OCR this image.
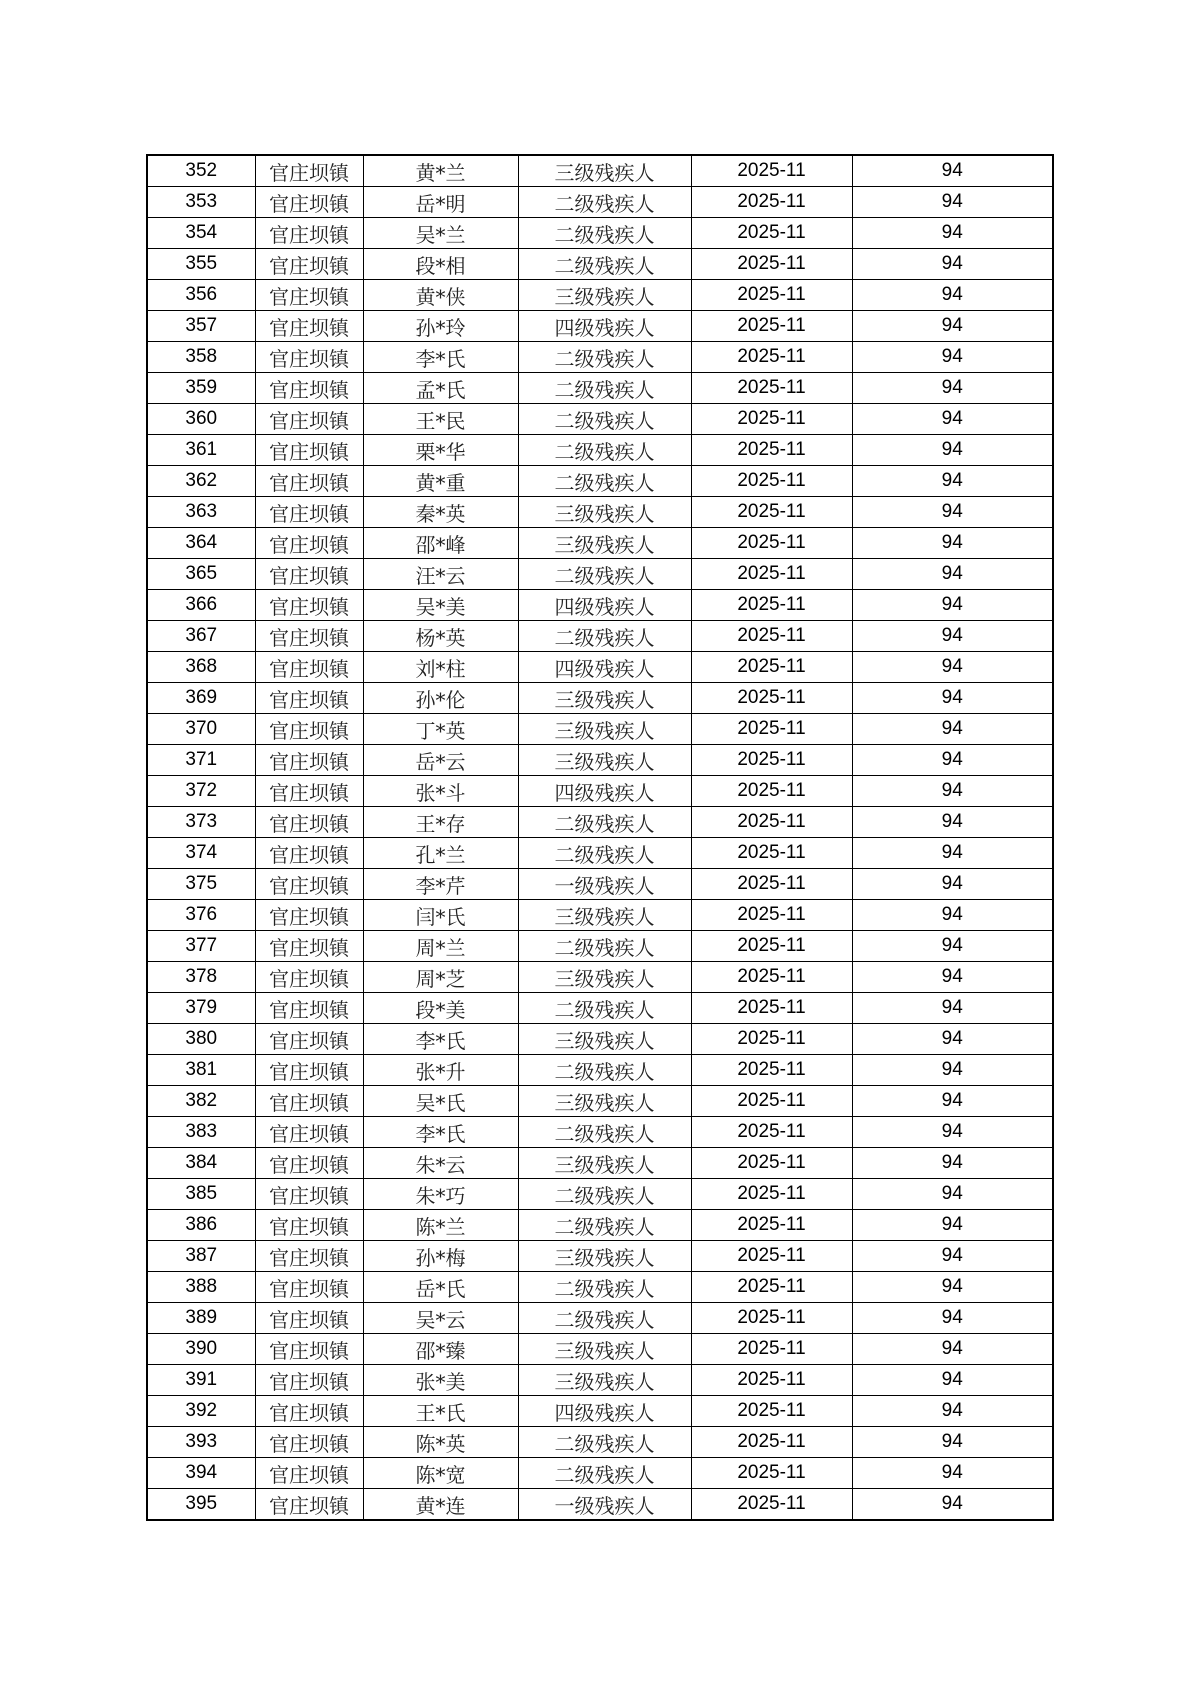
352	官庄坝镇	黄*兰	三级残疾人	2025-11	94
353	官庄坝镇	岳*明	二级残疾人	2025-11	94
354	官庄坝镇	吴*兰	二级残疾人	2025-11	94
355	官庄坝镇	段*相	二级残疾人	2025-11	94
356	官庄坝镇	黄*侠	三级残疾人	2025-11	94
357	官庄坝镇	孙*玲	四级残疾人	2025-11	94
358	官庄坝镇	李*氏	二级残疾人	2025-11	94
359	官庄坝镇	孟*氏	二级残疾人	2025-11	94
360	官庄坝镇	王*民	二级残疾人	2025-11	94
361	官庄坝镇	栗*华	二级残疾人	2025-11	94
362	官庄坝镇	黄*重	二级残疾人	2025-11	94
363	官庄坝镇	秦*英	三级残疾人	2025-11	94
364	官庄坝镇	邵*峰	三级残疾人	2025-11	94
365	官庄坝镇	汪*云	二级残疾人	2025-11	94
366	官庄坝镇	吴*美	四级残疾人	2025-11	94
367	官庄坝镇	杨*英	二级残疾人	2025-11	94
368	官庄坝镇	刘*柱	四级残疾人	2025-11	94
369	官庄坝镇	孙*伦	三级残疾人	2025-11	94
370	官庄坝镇	丁*英	三级残疾人	2025-11	94
371	官庄坝镇	岳*云	三级残疾人	2025-11	94
372	官庄坝镇	张*斗	四级残疾人	2025-11	94
373	官庄坝镇	王*存	二级残疾人	2025-11	94
374	官庄坝镇	孔*兰	二级残疾人	2025-11	94
375	官庄坝镇	李*芹	一级残疾人	2025-11	94
376	官庄坝镇	闫*氏	三级残疾人	2025-11	94
377	官庄坝镇	周*兰	二级残疾人	2025-11	94
378	官庄坝镇	周*芝	三级残疾人	2025-11	94
379	官庄坝镇	段*美	二级残疾人	2025-11	94
380	官庄坝镇	李*氏	三级残疾人	2025-11	94
381	官庄坝镇	张*升	二级残疾人	2025-11	94
382	官庄坝镇	吴*氏	三级残疾人	2025-11	94
383	官庄坝镇	李*氏	二级残疾人	2025-11	94
384	官庄坝镇	朱*云	三级残疾人	2025-11	94
385	官庄坝镇	朱*巧	二级残疾人	2025-11	94
386	官庄坝镇	陈*兰	二级残疾人	2025-11	94
387	官庄坝镇	孙*梅	三级残疾人	2025-11	94
388	官庄坝镇	岳*氏	二级残疾人	2025-11	94
389	官庄坝镇	吴*云	二级残疾人	2025-11	94
390	官庄坝镇	邵*臻	三级残疾人	2025-11	94
391	官庄坝镇	张*美	三级残疾人	2025-11	94
392	官庄坝镇	王*氏	四级残疾人	2025-11	94
393	官庄坝镇	陈*英	二级残疾人	2025-11	94
394	官庄坝镇	陈*宽	二级残疾人	2025-11	94
395	官庄坝镇	黄*连	一级残疾人	2025-11	94
